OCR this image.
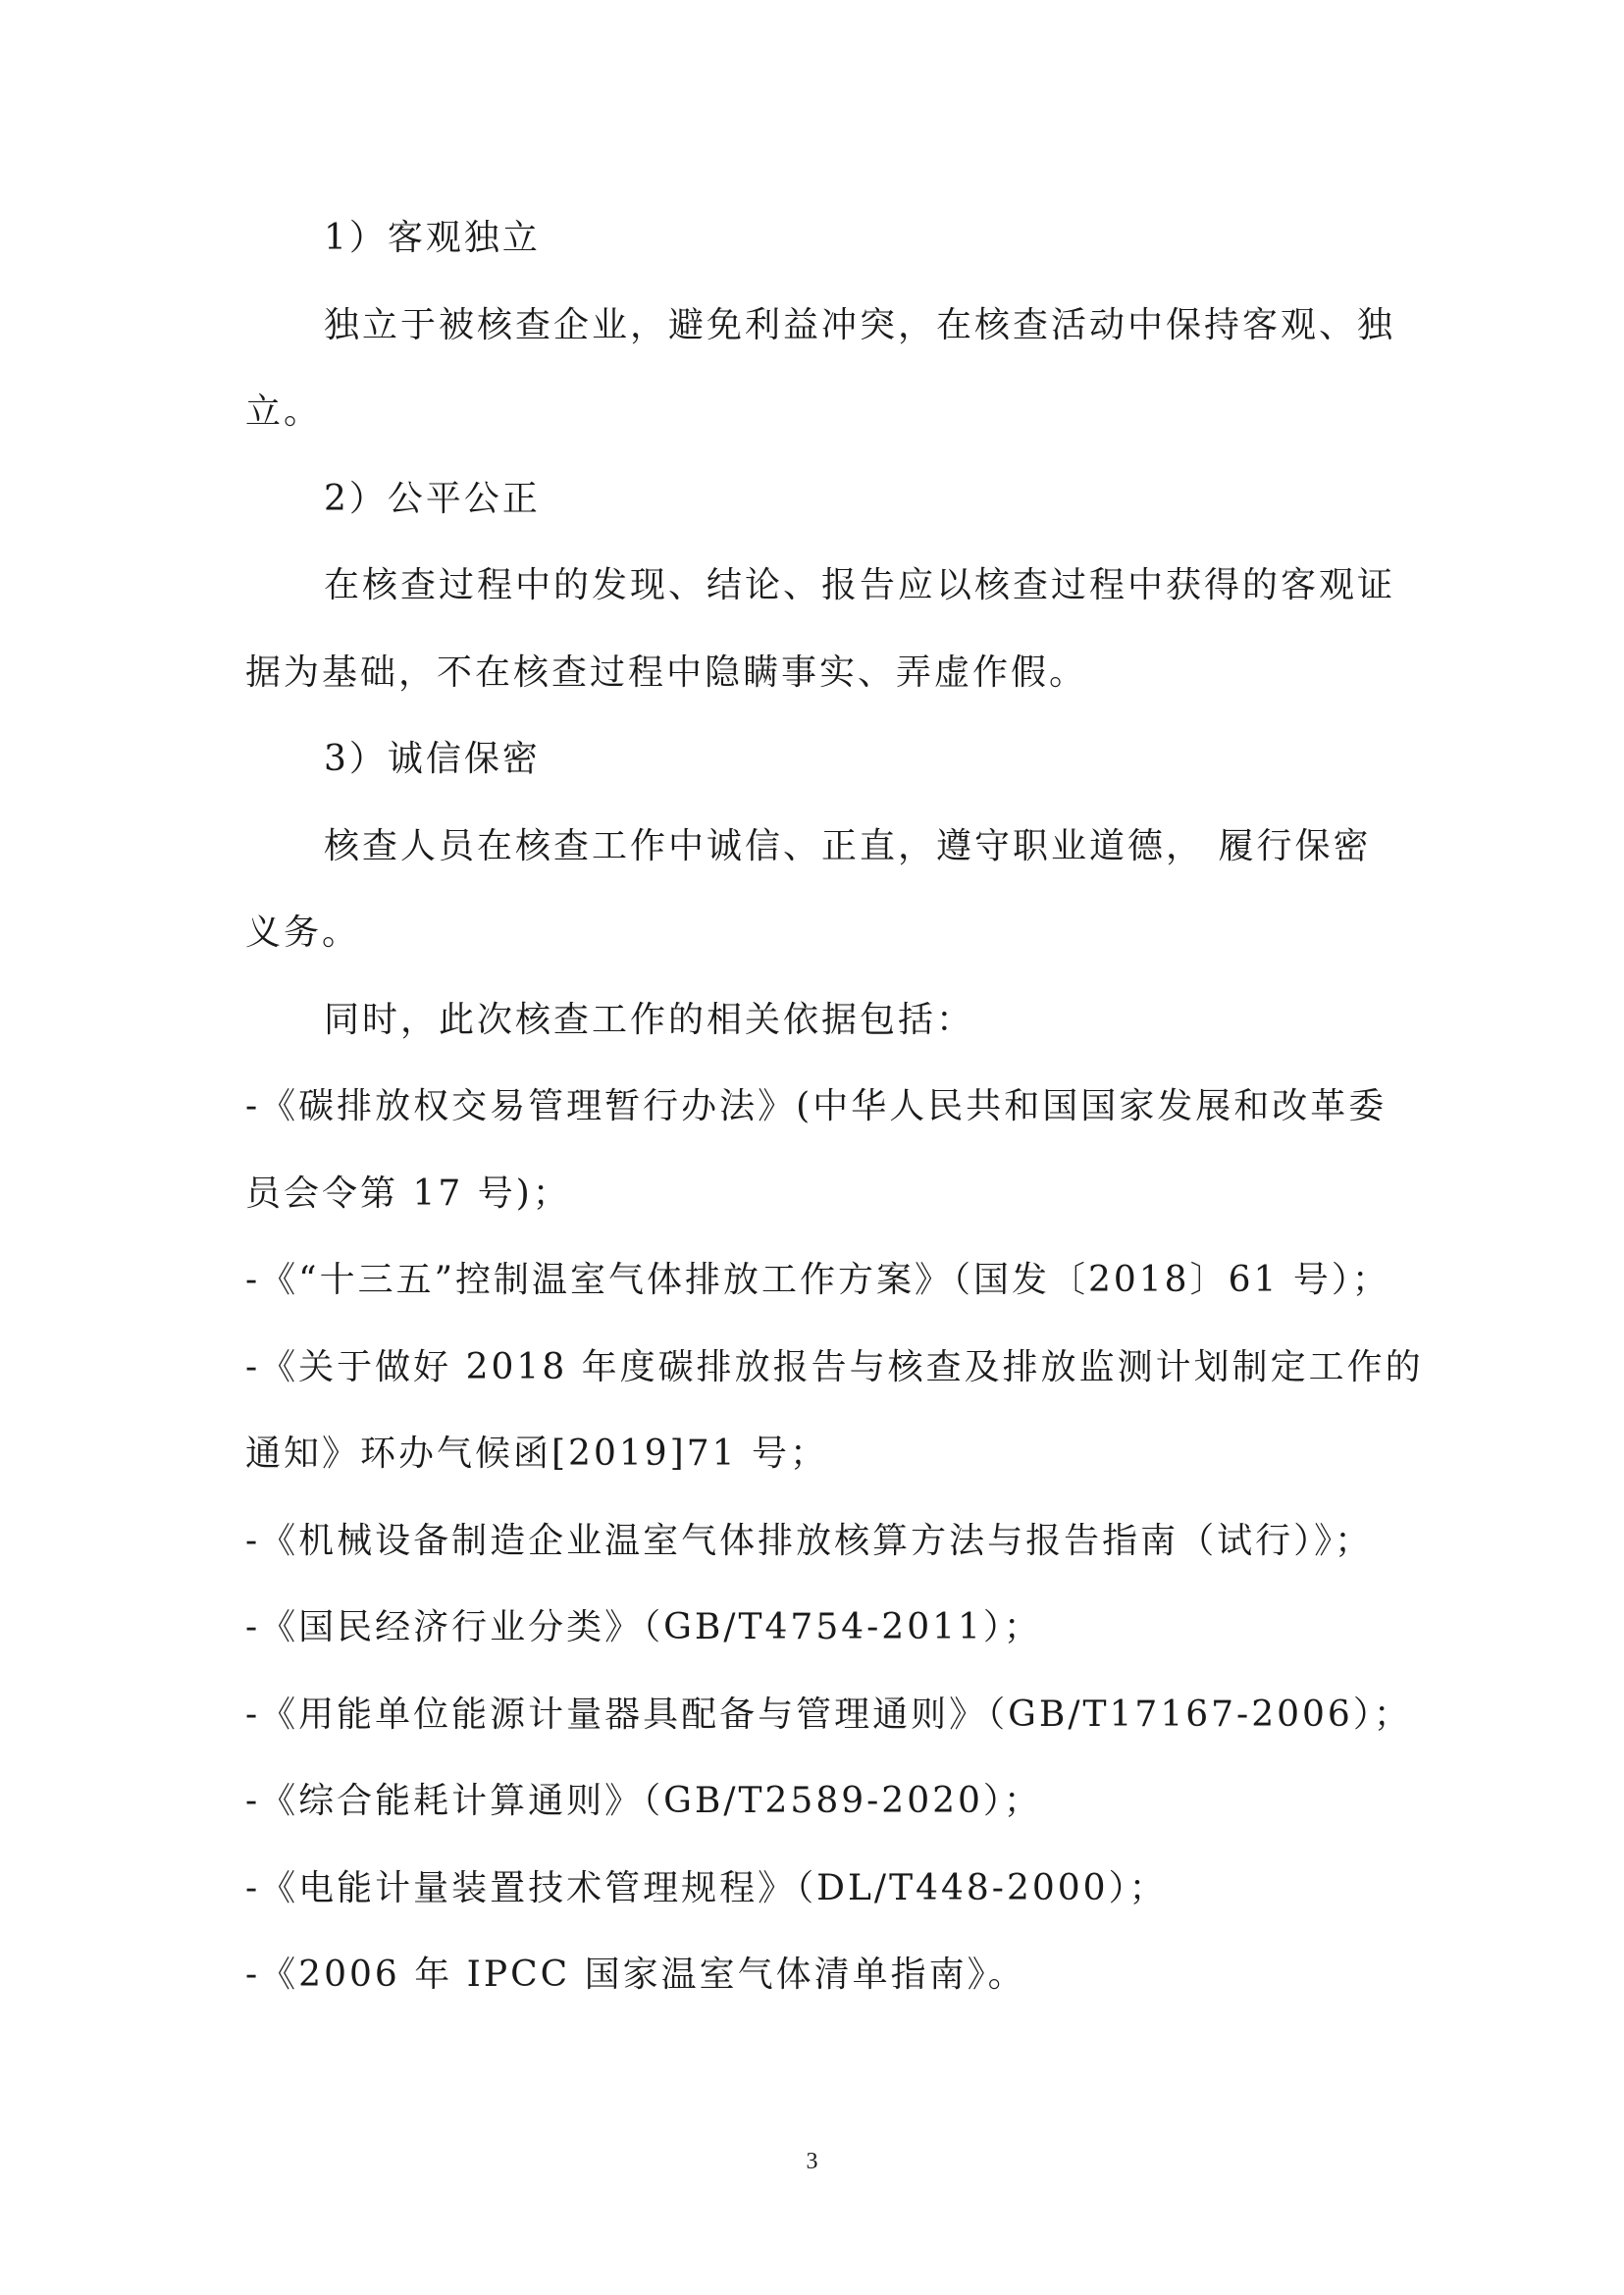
1）客观独立
独立于被核查企业，避免利益冲突，在核查活动中保持客观、独
立。
2）公平公正
在核查过程中的发现、结论、报告应以核查过程中获得的客观证
据为基础，不在核查过程中隐瞒事实、弄虚作假。
3）诚信保密
核查人员在核查工作中诚信、正直，遵守职业道德， 履行保密
义务。
同时，此次核查工作的相关依据包括：
-《碳排放权交易管理暂行办法》(中华人民共和国国家发展和改革委
员会令第 17 号)；
-《“十三五”控制温室气体排放工作方案》（国发〔2018〕61 号）；
-《关于做好 2018 年度碳排放报告与核查及排放监测计划制定工作的
通知》环办气候函[2019]71 号；
-《机械设备制造企业温室气体排放核算方法与报告指南（试行）》；
-《国民经济行业分类》（GB/T4754-2011）；
-《用能单位能源计量器具配备与管理通则》（GB/T17167-2006）；
-《综合能耗计算通则》（GB/T2589-2020）；
-《电能计量装置技术管理规程》（DL/T448-2000）；
-《2006 年 IPCC 国家温室气体清单指南》。
3
